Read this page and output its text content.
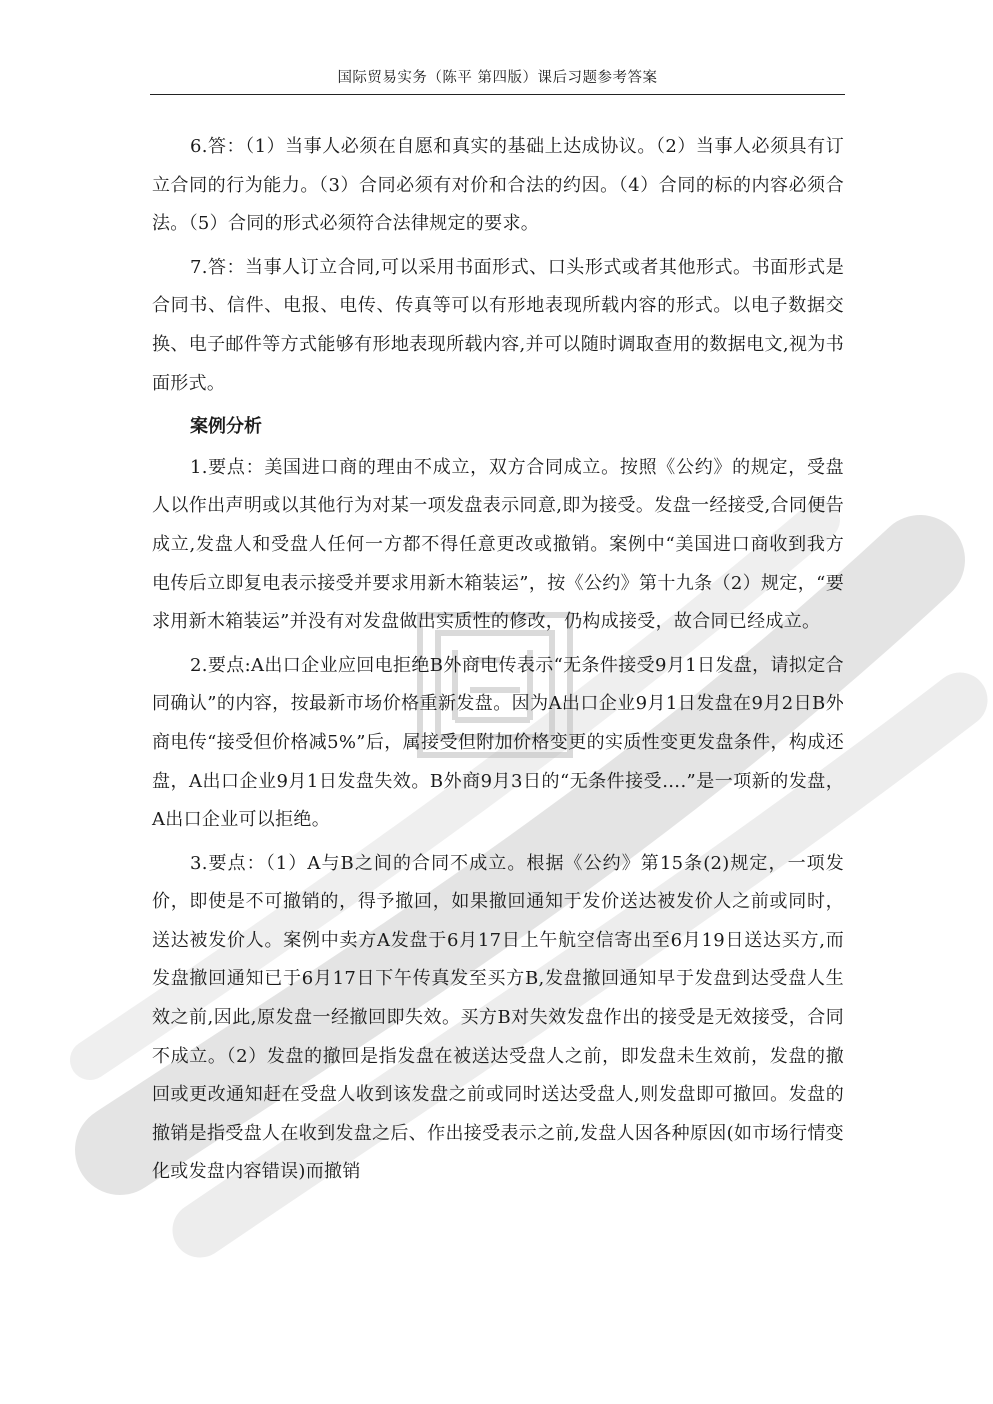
国际贸易实务（陈平 第四版）课后习题参考答案

6.答：（1）当事人必须在自愿和真实的基础上达成协议。（2）当事人必须具有订立合同的行为能力。（3）合同必须有对价和合法的约因。（4）合同的标的内容必须合法。（5）合同的形式必须符合法律规定的要求。

7.答：当事人订立合同,可以采用书面形式、口头形式或者其他形式。书面形式是合同书、信件、电报、电传、传真等可以有形地表现所载内容的形式。以电子数据交换、电子邮件等方式能够有形地表现所载内容,并可以随时调取查用的数据电文,视为书面形式。

案例分析

1.要点：美国进口商的理由不成立，双方合同成立。按照《公约》的规定，受盘人以作出声明或以其他行为对某一项发盘表示同意,即为接受。发盘一经接受,合同便告成立,发盘人和受盘人任何一方都不得任意更改或撤销。案例中“美国进口商收到我方电传后立即复电表示接受并要求用新木箱装运”，按《公约》第十九条（2）规定，“要求用新木箱装运”并没有对发盘做出实质性的修改，仍构成接受，故合同已经成立。

2.要点:A出口企业应回电拒绝B外商电传表示“无条件接受9月1日发盘，请拟定合同确认”的内容，按最新市场价格重新发盘。因为A出口企业9月1日发盘在9月2日B外商电传“接受但价格减5%”后，属接受但附加价格变更的实质性变更发盘条件，构成还盘，A出口企业9月1日发盘失效。B外商9月3日的“无条件接受….”是一项新的发盘，A出口企业可以拒绝。

3.要点：（1）A与B之间的合同不成立。根据《公约》第15条(2)规定，一项发价，即使是不可撤销的，得予撤回，如果撤回通知于发价送达被发价人之前或同时，送达被发价人。案例中卖方A发盘于6月17日上午航空信寄出至6月19日送达买方,而发盘撤回通知已于6月17日下午传真发至买方B,发盘撤回通知早于发盘到达受盘人生效之前,因此,原发盘一经撤回即失效。买方B对失效发盘作出的接受是无效接受，合同不成立。（2）发盘的撤回是指发盘在被送达受盘人之前，即发盘未生效前，发盘的撤回或更改通知赶在受盘人收到该发盘之前或同时送达受盘人,则发盘即可撤回。发盘的撤销是指受盘人在收到发盘之后、作出接受表示之前,发盘人因各种原因(如市场行情变化或发盘内容错误)而撤销
